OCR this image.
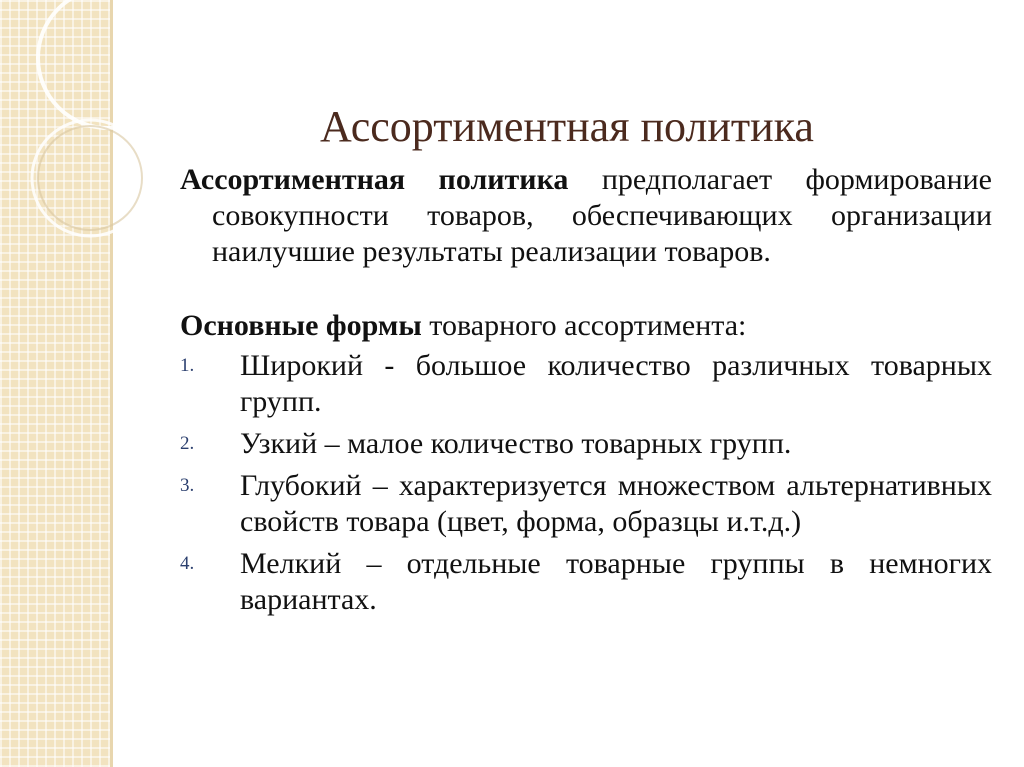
Ассортиментная политика

Ассортиментная политика предполагает формирование совокупности товаров, обеспечивающих организации наилучшие результаты реализации товаров.

Основные формы товарного ассортимента:

1. Широкий - большое количество различных товарных групп.
2. Узкий – малое количество товарных групп.
3. Глубокий – характеризуется множеством альтернативных свойств товара (цвет, форма, образцы и.т.д.)
4. Мелкий – отдельные товарные группы в немногих вариантах.
